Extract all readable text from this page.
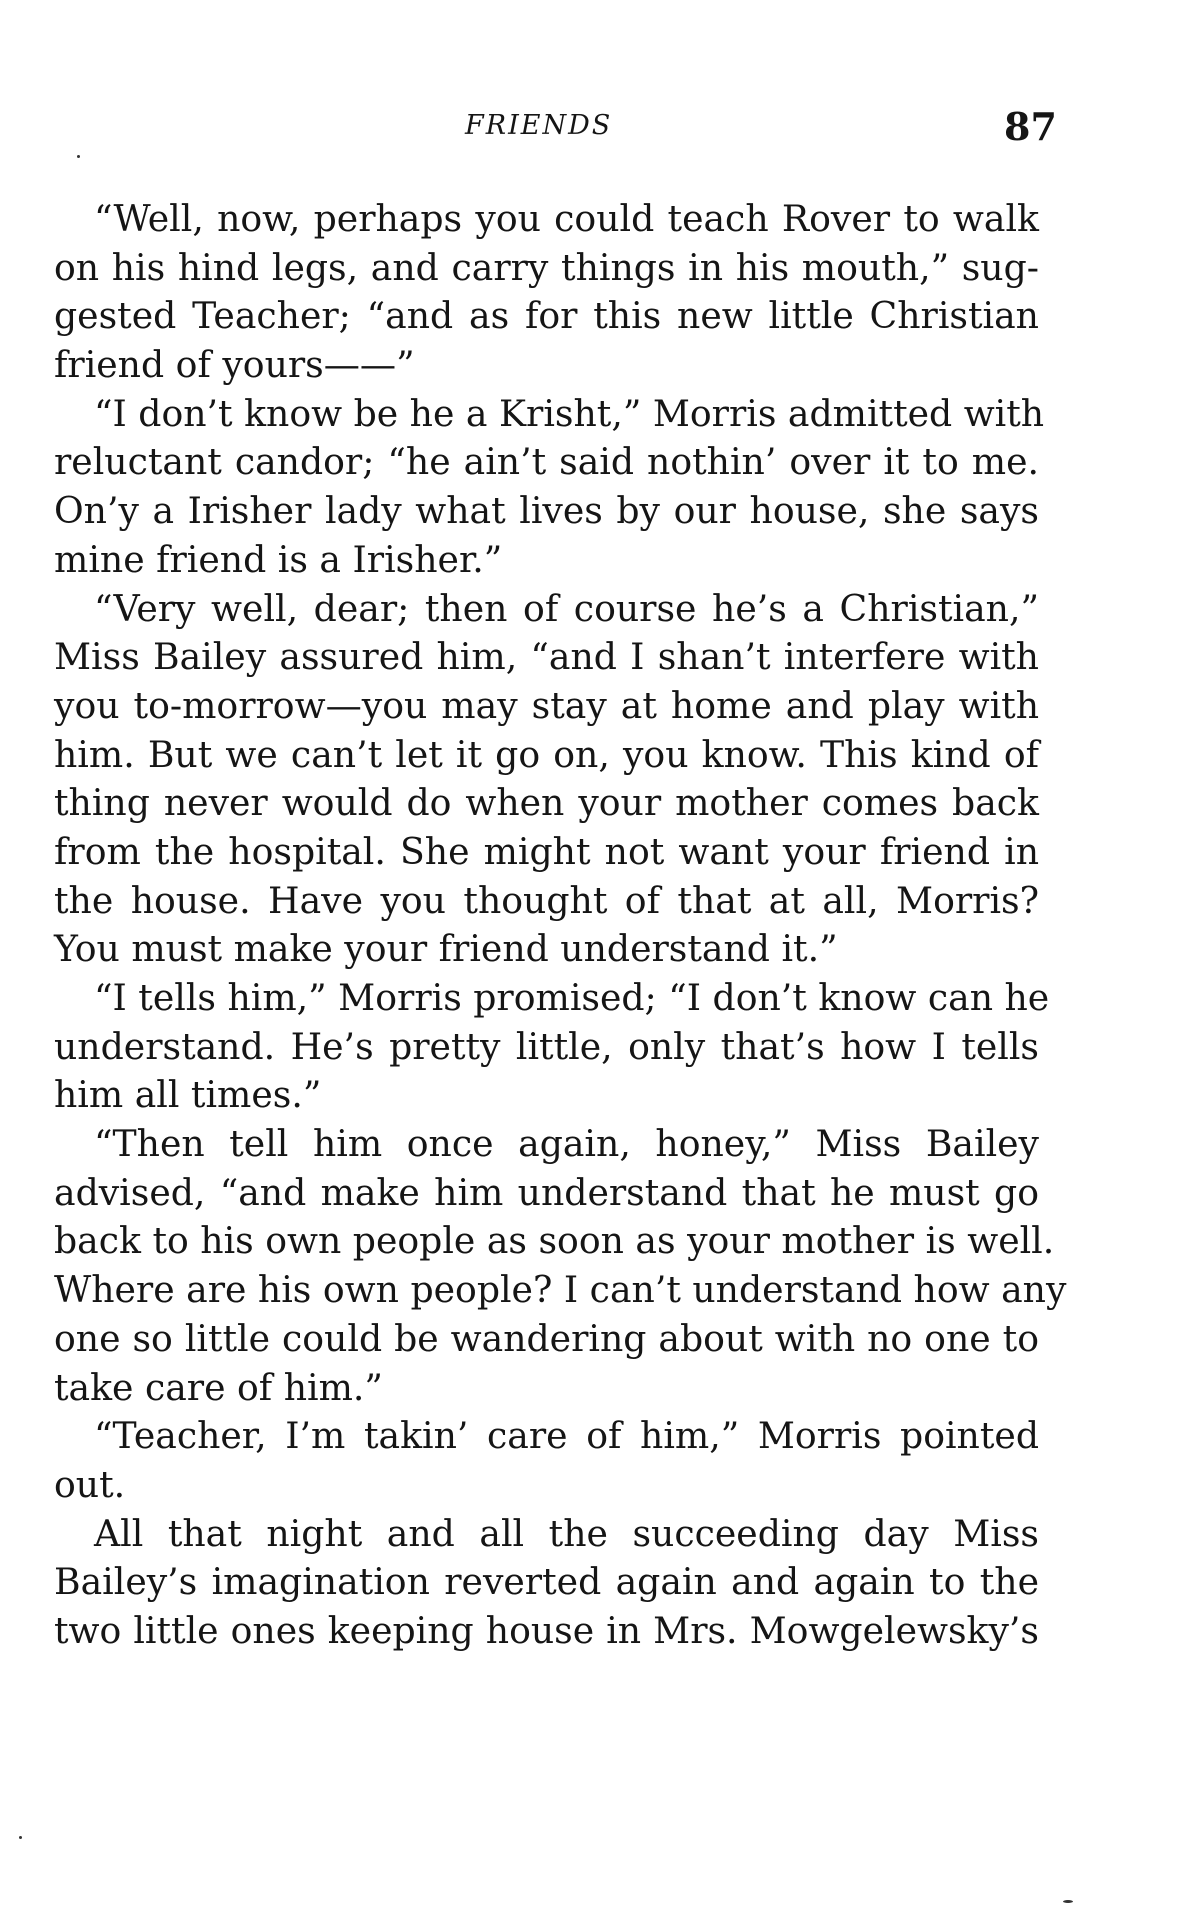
FRIENDS	87
“Well, now, perhaps you could teach Rover to walk
on his hind legs, and carry things in his mouth,” sug-
gested Teacher; “and as for this new little Christian
friend of yours——”
“I don’t know be he a Krisht,” Morris admitted with
reluctant candor; “he ain’t said nothin’ over it to me.
On’y a Irisher lady what lives by our house, she says
mine friend is a Irisher.”
“Very well, dear; then of course he’s a Christian,”
Miss Bailey assured him, “and I shan’t interfere with
you to-morrow—you may stay at home and play with
him. But we can’t let it go on, you know. This kind of
thing never would do when your mother comes back
from the hospital. She might not want your friend in
the house. Have you thought of that at all, Morris?
You must make your friend understand it.”
“I tells him,” Morris promised; “I don’t know can he
understand. He’s pretty little, only that’s how I tells
him all times.”
“Then tell him once again, honey,” Miss Bailey
advised, “and make him understand that he must go
back to his own people as soon as your mother is well.
Where are his own people? I can’t understand how any
one so little could be wandering about with no one to
take care of him.”
“Teacher, I’m takin’ care of him,” Morris pointed
out.
All that night and all the succeeding day Miss
Bailey’s imagination reverted again and again to the
two little ones keeping house in Mrs. Mowgelewsky’s
